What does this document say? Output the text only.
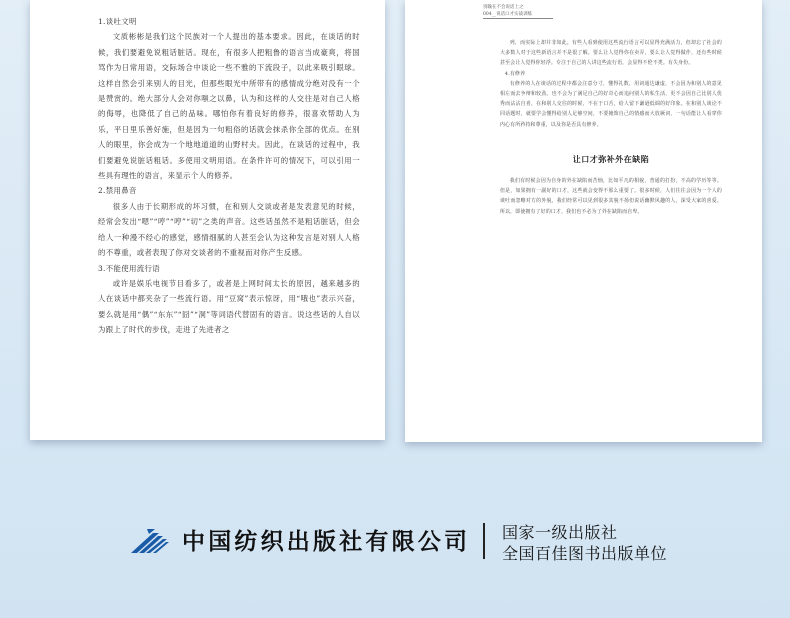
1.谈吐文明

文质彬彬是我们这个民族对一个人提出的基本要求。因此，在谈话的时候，我们要避免说粗话脏话。现在，有很多人把粗鲁的语言当成豪爽，将国骂作为日常用语，交际场合中谈论一些不雅的下流段子，以此来吸引眼球。这样自然会引来别人的目光，但那些眼光中所带有的感情成分绝对没有一个是赞赏的。绝大部分人会对你嗤之以鼻，认为和这样的人交往是对自己人格的侮辱，也降低了自己的品味。哪怕你有着良好的修养，很喜欢帮助人为乐，平日里乐善好施，但是因为一句粗俗的话就会抹杀你全部的优点。在别人的眼里，你会成为一个地地道道的山野村夫。因此，在谈话的过程中，我们要避免说脏话粗话。多使用文明用语。在条件许可的情况下，可以引用一些具有理性的语言，来显示个人的修养。

2.禁用鼻音

很多人由于长期形成的坏习惯，在和别人交谈或者是发表意见的时候，经常会发出“嗯”“哼”“哼”“切”之类的声音。这些话虽然不是粗话脏话，但会给人一种漫不经心的感觉，感情细腻的人甚至会认为这种发言是对别人人格的不尊重，或者表现了你对交谈者的不重视而对你产生反感。

3.不能使用流行语

或许是娱乐电视节目看多了，或者是上网时间太长的原因，越来越多的人在谈话中都夹杂了一些流行语。用“豆窝”表示惊讶，用“哦也”表示兴奋，要么就是用“偶”“东东”“囧”“洞”等词语代替固有的语言。说这些话的人自以为跟上了时代的步伐，走进了先进者之

别输在不会说话上之
004__说话口才实战训练

列，而实际上却并非如此。有些人看到使用这些流行语言可以显得充满活力，但却忘了社会的大多数人对于这些新语言并不是很了解。要么让人觉得你在卖弄，要么让人觉得做作，还有些时候甚至会让人觉得你轻浮。专注于自己的人讲这些流行语，会显得不伦不类。有失身份。

4.有修养

有修养的人在谈话的过程中都会注意分寸，懂得礼数，用词通达谦虚，不会因为和别人的意见相左而去争辩和较劲。也不会为了满足自己的好奇心而追问别人的私生活，更不会因自己比别人优秀而沾沾自喜，在和别人交往的时候，不在于口舌，给人留下谦逊低调的好印象。在和别人谈论不同话题时，就要学会懂得给别人足够空间，不要掩饰自己的情感而大放厥词，一句话能让人看穿你内心有所矜持和尊重，以及你是否具有修养。

让口才弥补外在缺陷

我们有时候会因为自身的外在缺陷而苦恼，比如平凡的相貌，普通的打扮，不高的学历等等。但是，如果拥有一副好的口才，这些就会变得不那么重要了。很多时候，人们往往会因为一个人的谈吐而忽略对方的外貌，我们经常可以见到很多其貌不扬但说话幽默风趣的人，深受大家的喜爱。所以，即使拥有了好的口才，我们也不必为了外在缺陷而自卑。

中国纺织出版社有限公司 国家一级出版社
全国百佳图书出版单位
